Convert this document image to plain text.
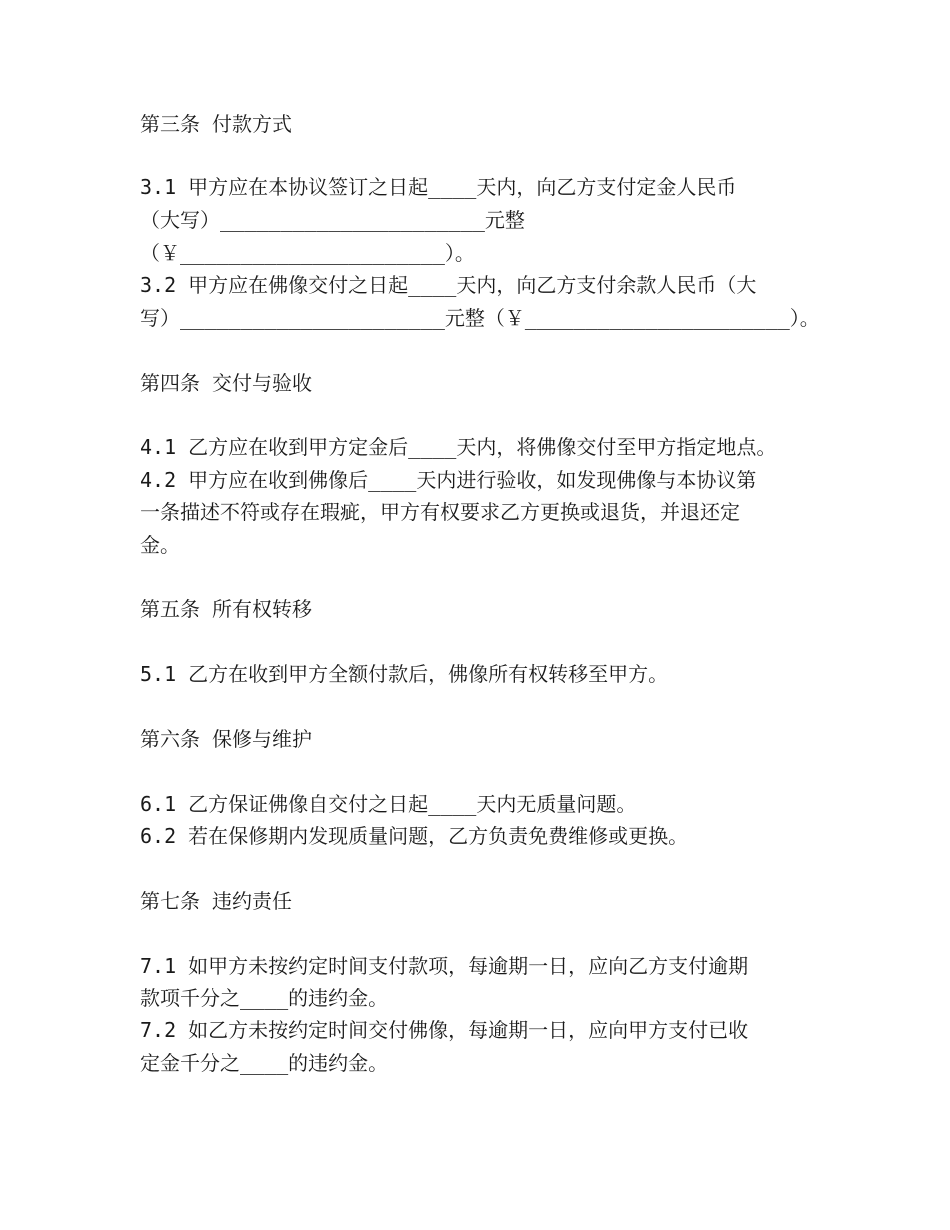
第三条 付款方式

3.1 甲方应在本协议签订之日起____天内，向乙方支付定金人民币

（大写）______________________元整

（￥______________________）。

3.2 甲方应在佛像交付之日起____天内，向乙方支付余款人民币（大

写）______________________元整（￥______________________）。

第四条 交付与验收

4.1 乙方应在收到甲方定金后____天内，将佛像交付至甲方指定地点。

4.2 甲方应在收到佛像后____天内进行验收，如发现佛像与本协议第

一条描述不符或存在瑕疵，甲方有权要求乙方更换或退货，并退还定

金。

第五条 所有权转移

5.1 乙方在收到甲方全额付款后，佛像所有权转移至甲方。

第六条 保修与维护

6.1 乙方保证佛像自交付之日起____天内无质量问题。

6.2 若在保修期内发现质量问题，乙方负责免费维修或更换。

第七条 违约责任

7.1 如甲方未按约定时间支付款项，每逾期一日，应向乙方支付逾期

款项千分之____的违约金。

7.2 如乙方未按约定时间交付佛像，每逾期一日，应向甲方支付已收

定金千分之____的违约金。
